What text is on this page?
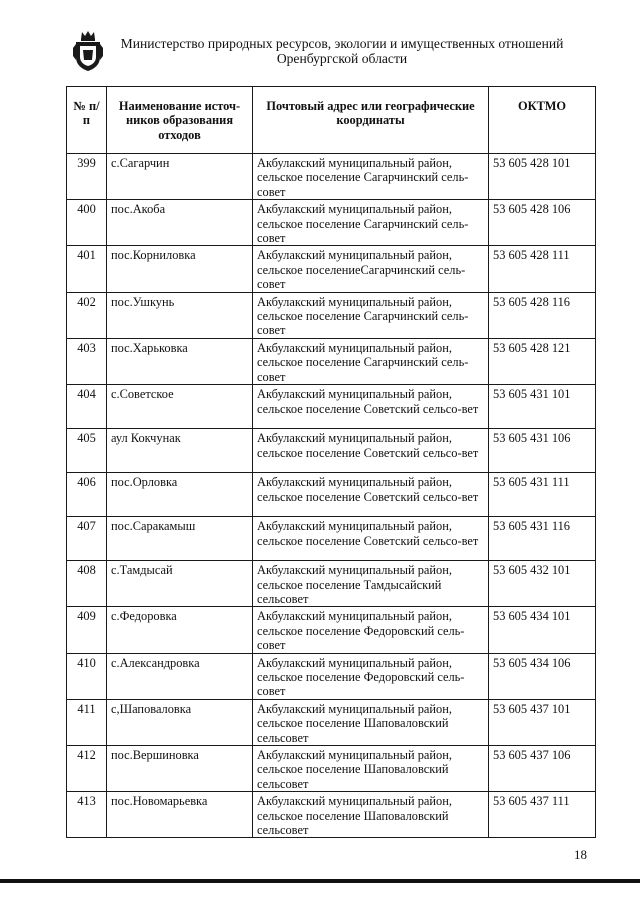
Министерство природных ресурсов, экологии и имущественных отношений
Оренбургской области
№ п/п	Наименование источ-ников образования отходов	Почтовый адрес или географические координаты	ОКТМО
399	с.Сагарчин	Акбулакский муниципальный район, сельское поселение Сагарчинский сель-совет	53 605 428 101
400	пос.Акоба	Акбулакский муниципальный район, сельское поселение Сагарчинский сель-совет	53 605 428 106
401	пос.Корниловка	Акбулакский муниципальный район, сельское поселениеСагарчинский сель-совет	53 605 428 111
402	пос.Ушкунь	Акбулакский муниципальный район, сельское поселение Сагарчинский сель-совет	53 605 428 116
403	пос.Харьковка	Акбулакский муниципальный район, сельское поселение Сагарчинский сель-совет	53 605 428 121
404	с.Советское	Акбулакский муниципальный район, сельское поселение Советский сельсо-вет	53 605 431 101
405	аул Кокчунак	Акбулакский муниципальный район, сельское поселение Советский сельсо-вет	53 605 431 106
406	пос.Орловка	Акбулакский муниципальный район, сельское поселение Советский сельсо-вет	53 605 431 111
407	пос.Саракамыш	Акбулакский муниципальный район, сельское поселение Советский сельсо-вет	53 605 431 116
408	с.Тамдысай	Акбулакский муниципальный район, сельское поселение Тамдысайский сельсовет	53 605 432 101
409	с.Федоровка	Акбулакский муниципальный район, сельское поселение Федоровский сель-совет	53 605 434 101
410	с.Александровка	Акбулакский муниципальный район, сельское поселение Федоровский сель-совет	53 605 434 106
411	с,Шаповаловка	Акбулакский муниципальный район, сельское поселение Шаповаловский сельсовет	53 605 437 101
412	пос.Вершиновка	Акбулакский муниципальный район, сельское поселение Шаповаловский сельсовет	53 605 437 106
413	пос.Новомарьевка	Акбулакский муниципальный район, сельское поселение Шаповаловский сельсовет	53 605 437 111
18
